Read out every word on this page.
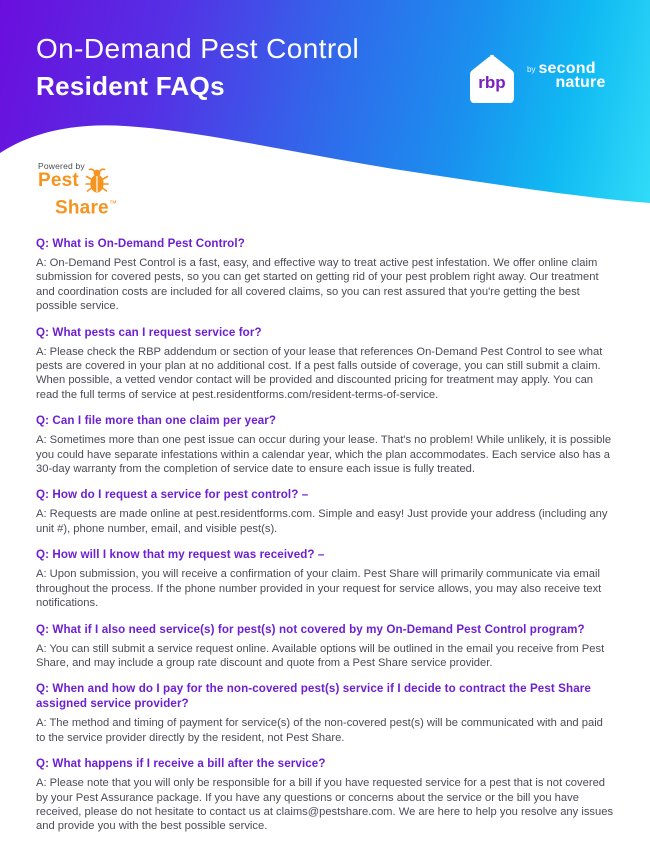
On-Demand Pest Control
Resident FAQs	rbp
by second
nature
Powered by
Pest
Share™
Q: What is On-Demand Pest Control?

A: On-Demand Pest Control is a fast, easy, and effective way to treat active pest infestation. We offer online claim submission for covered pests, so you can get started on getting rid of your pest problem right away. Our treatment and coordination costs are included for all covered claims, so you can rest assured that you're getting the best possible service.

Q: What pests can I request service for?

A: Please check the RBP addendum or section of your lease that references On-Demand Pest Control to see what pests are covered in your plan at no additional cost. If a pest falls outside of coverage, you can still submit a claim. When possible, a vetted vendor contact will be provided and discounted pricing for treatment may apply. You can read the full terms of service at pest.residentforms.com/resident-terms-of-service.

Q: Can I file more than one claim per year?

A: Sometimes more than one pest issue can occur during your lease. That's no problem! While unlikely, it is possible you could have separate infestations within a calendar year, which the plan accommodates. Each service also has a 30-day warranty from the completion of service date to ensure each issue is fully treated.

Q: How do I request a service for pest control? –

A: Requests are made online at pest.residentforms.com. Simple and easy! Just provide your address (including any unit #), phone number, email, and visible pest(s).

Q: How will I know that my request was received? –

A: Upon submission, you will receive a confirmation of your claim. Pest Share will primarily communicate via email throughout the process. If the phone number provided in your request for service allows, you may also receive text notifications.

Q: What if I also need service(s) for pest(s) not covered by my On-Demand Pest Control program?

A: You can still submit a service request online. Available options will be outlined in the email you receive from Pest Share, and may include a group rate discount and quote from a Pest Share service provider.

Q: When and how do I pay for the non-covered pest(s) service if I decide to contract the Pest Share assigned service provider?

A: The method and timing of payment for service(s) of the non-covered pest(s) will be communicated with and paid to the service provider directly by the resident, not Pest Share.

Q: What happens if I receive a bill after the service?

A: Please note that you will only be responsible for a bill if you have requested service for a pest that is not covered by your Pest Assurance package. If you have any questions or concerns about the service or the bill you have received, please do not hesitate to contact us at claims@pestshare.com. We are here to help you resolve any issues and provide you with the best possible service.
